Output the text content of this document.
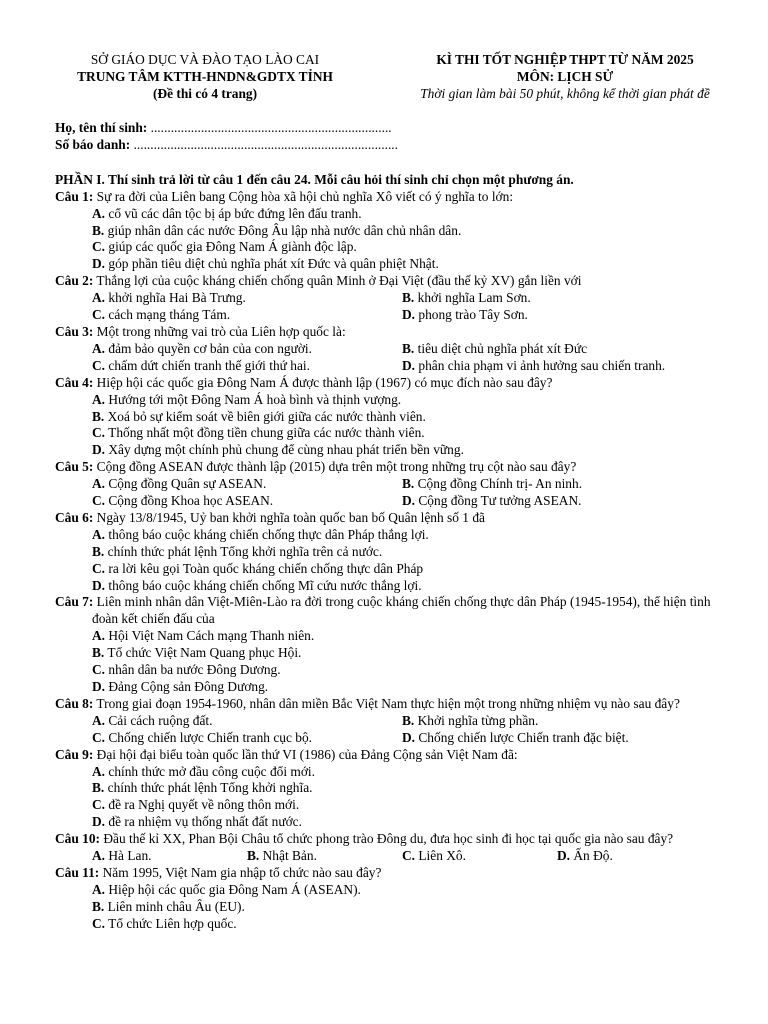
SỞ GIÁO DỤC VÀ ĐÀO TẠO LÀO CAI
TRUNG TÂM KTTH-HNDN&GDTX TỈNH
(Đề thi có 4 trang)
KÌ THI TỐT NGHIỆP THPT TỪ NĂM 2025
MÔN: LỊCH SỬ
Thời gian làm bài 50 phút, không kể thời gian phát đề
Họ, tên thí sinh: ........................................................................
Số báo danh: ...............................................................................
PHẦN I. Thí sinh trả lời từ câu 1 đến câu 24. Mỗi câu hỏi thí sinh chỉ chọn một phương án.
Câu 1: Sự ra đời của Liên bang Cộng hòa xã hội chủ nghĩa Xô viết có ý nghĩa to lớn:
A. cổ vũ các dân tộc bị áp bức đứng lên đấu tranh.
B. giúp nhân dân các nước Đông Âu lập nhà nước dân chủ nhân dân.
C. giúp các quốc gia Đông Nam Á giành độc lập.
D. góp phần tiêu diệt chủ nghĩa phát xít Đức và quân phiệt Nhật.
Câu 2: Thắng lợi của cuộc kháng chiến chống quân Minh ở Đại Việt (đầu thế kỷ XV) gắn liền với
A. khởi nghĩa Hai Bà Trưng.	B. khởi nghĩa Lam Sơn.
C. cách mạng tháng Tám.	D. phong trào Tây Sơn.
Câu 3: Một trong những vai trò của Liên hợp quốc là:
A. đảm bảo quyền cơ bản của con người.	B. tiêu diệt chủ nghĩa phát xít Đức
C. chấm dứt chiến tranh thế giới thứ hai.	D. phân chia phạm vi ảnh hưởng sau chiến tranh.
Câu 4: Hiệp hội các quốc gia Đông Nam Á được thành lập (1967) có mục đích nào sau đây?
A. Hướng tới một Đông Nam Á hoà bình và thịnh vượng.
B. Xoá bỏ sự kiểm soát về biên giới giữa các nước thành viên.
C. Thống nhất một đồng tiền chung giữa các nước thành viên.
D. Xây dựng một chính phủ chung để cùng nhau phát triển bền vững.
Câu 5: Cộng đồng ASEAN được thành lập (2015) dựa trên một trong những trụ cột nào sau đây?
A. Cộng đồng Quân sự ASEAN.	B. Cộng đồng Chính trị- An ninh.
C. Cộng đồng Khoa học ASEAN.	D. Cộng đồng Tư tưởng ASEAN.
Câu 6: Ngày 13/8/1945, Uỷ ban khởi nghĩa toàn quốc ban bố Quân lệnh số 1 đã
A. thông báo cuộc kháng chiến chống thực dân Pháp thắng lợi.
B. chính thức phát lệnh Tổng khởi nghĩa trên cả nước.
C. ra lời kêu gọi Toàn quốc kháng chiến chống thực dân Pháp
D. thông báo cuộc kháng chiến chống Mĩ cứu nước thắng lợi.
Câu 7: Liên minh nhân dân Việt-Miên-Lào ra đời trong cuộc kháng chiến chống thực dân Pháp (1945-1954), thể hiện tình đoàn kết chiến đấu của
A. Hội Việt Nam Cách mạng Thanh niên.
B. Tổ chức Việt Nam Quang phục Hội.
C. nhân dân ba nước Đông Dương.
D. Đảng Cộng sản Đông Dương.
Câu 8: Trong giai đoạn 1954-1960, nhân dân miền Bắc Việt Nam thực hiện một trong những nhiệm vụ nào sau đây?
A. Cải cách ruộng đất.	B. Khởi nghĩa từng phần.
C. Chống chiến lược Chiến tranh cục bộ.	D. Chống chiến lược Chiến tranh đặc biệt.
Câu 9: Đại hội đại biểu toàn quốc lần thứ VI (1986) của Đảng Cộng sản Việt Nam đã:
A. chính thức mở đầu công cuộc đổi mới.
B. chính thức phát lệnh Tổng khởi nghĩa.
C. đề ra Nghị quyết về nông thôn mới.
D. đề ra nhiệm vụ thống nhất đất nước.
Câu 10: Đầu thế kỉ XX, Phan Bội Châu tổ chức phong trào Đông du, đưa học sinh đi học tại quốc gia nào sau đây?
A. Hà Lan.	B. Nhật Bản.	C. Liên Xô.	D. Ấn Độ.
Câu 11: Năm 1995, Việt Nam gia nhập tổ chức nào sau đây?
A. Hiệp hội các quốc gia Đông Nam Á (ASEAN).
B. Liên minh châu Âu (EU).
C. Tổ chức Liên hợp quốc.
